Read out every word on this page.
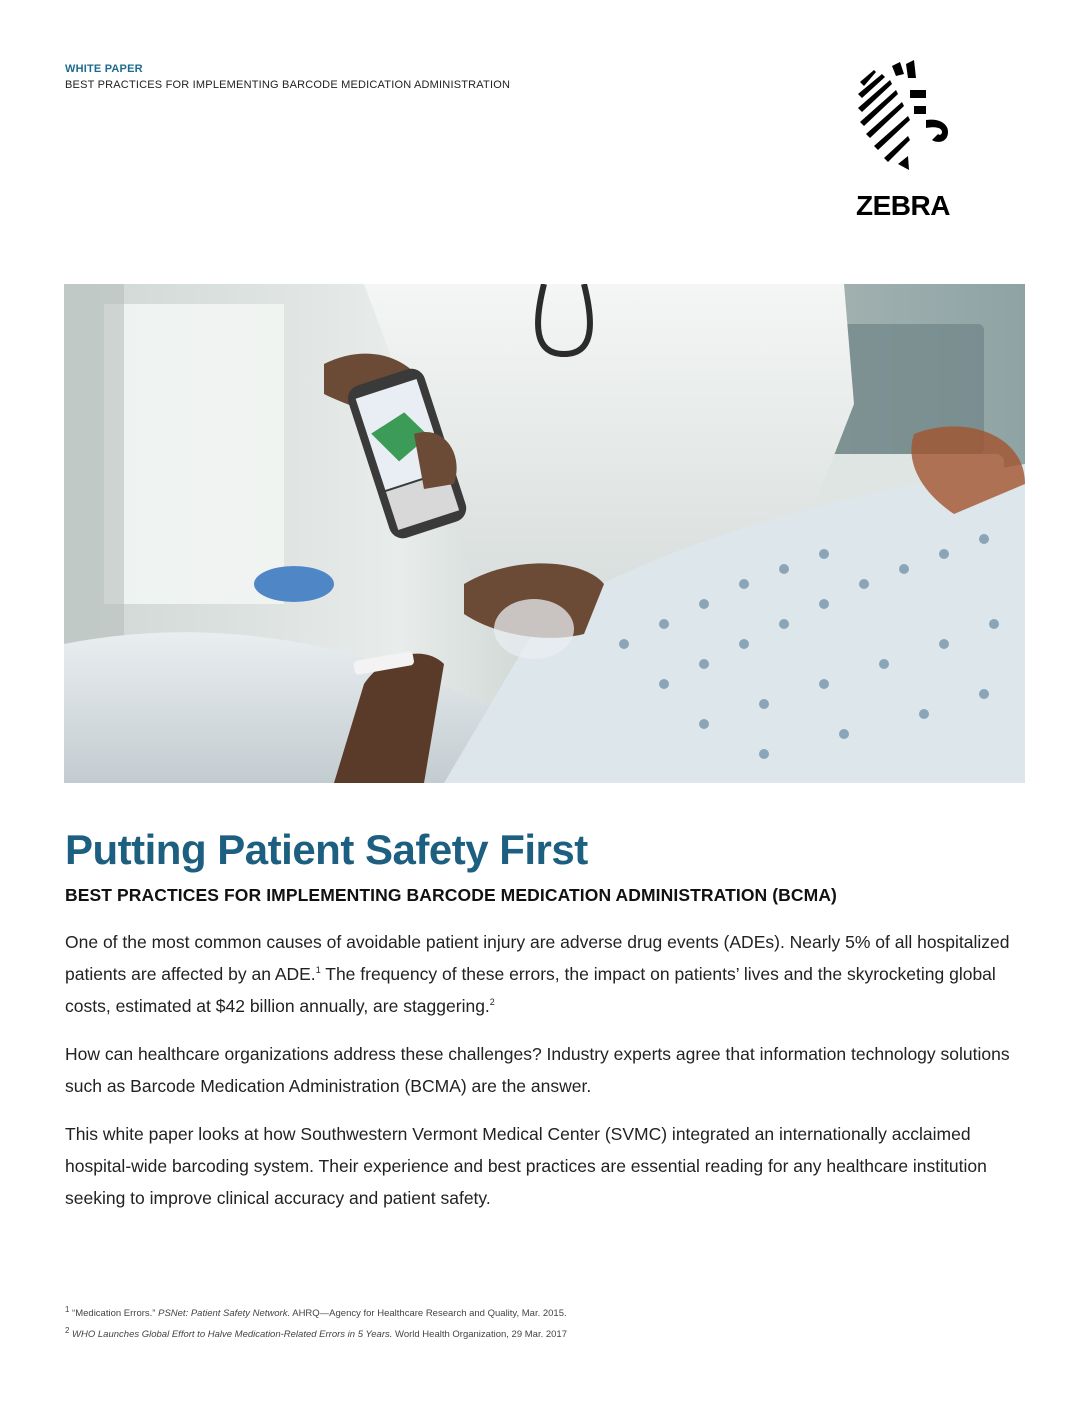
WHITE PAPER
BEST PRACTICES FOR IMPLEMENTING BARCODE MEDICATION ADMINISTRATION
ZEBRA
Putting Patient Safety First
BEST PRACTICES FOR IMPLEMENTING BARCODE MEDICATION ADMINISTRATION (BCMA)

One of the most common causes of avoidable patient injury are adverse drug events (ADEs). Nearly 5% of all hospitalized patients are affected by an ADE.$^1$ The frequency of these errors, the impact on patients’ lives and the skyrocketing global costs, estimated at $42 billion annually, are staggering.$^2$

How can healthcare organizations address these challenges? Industry experts agree that information technology solutions such as Barcode Medication Administration (BCMA) are the answer.

This white paper looks at how Southwestern Vermont Medical Center (SVMC) integrated an internationally acclaimed hospital-wide barcoding system. Their experience and best practices are essential reading for any healthcare institution seeking to improve clinical accuracy and patient safety.

$^1$ “Medication Errors.” PSNet: Patient Safety Network. AHRQ—Agency for Healthcare Research and Quality, Mar. 2015.
$^2$ WHO Launches Global Effort to Halve Medication-Related Errors in 5 Years. World Health Organization, 29 Mar. 2017
